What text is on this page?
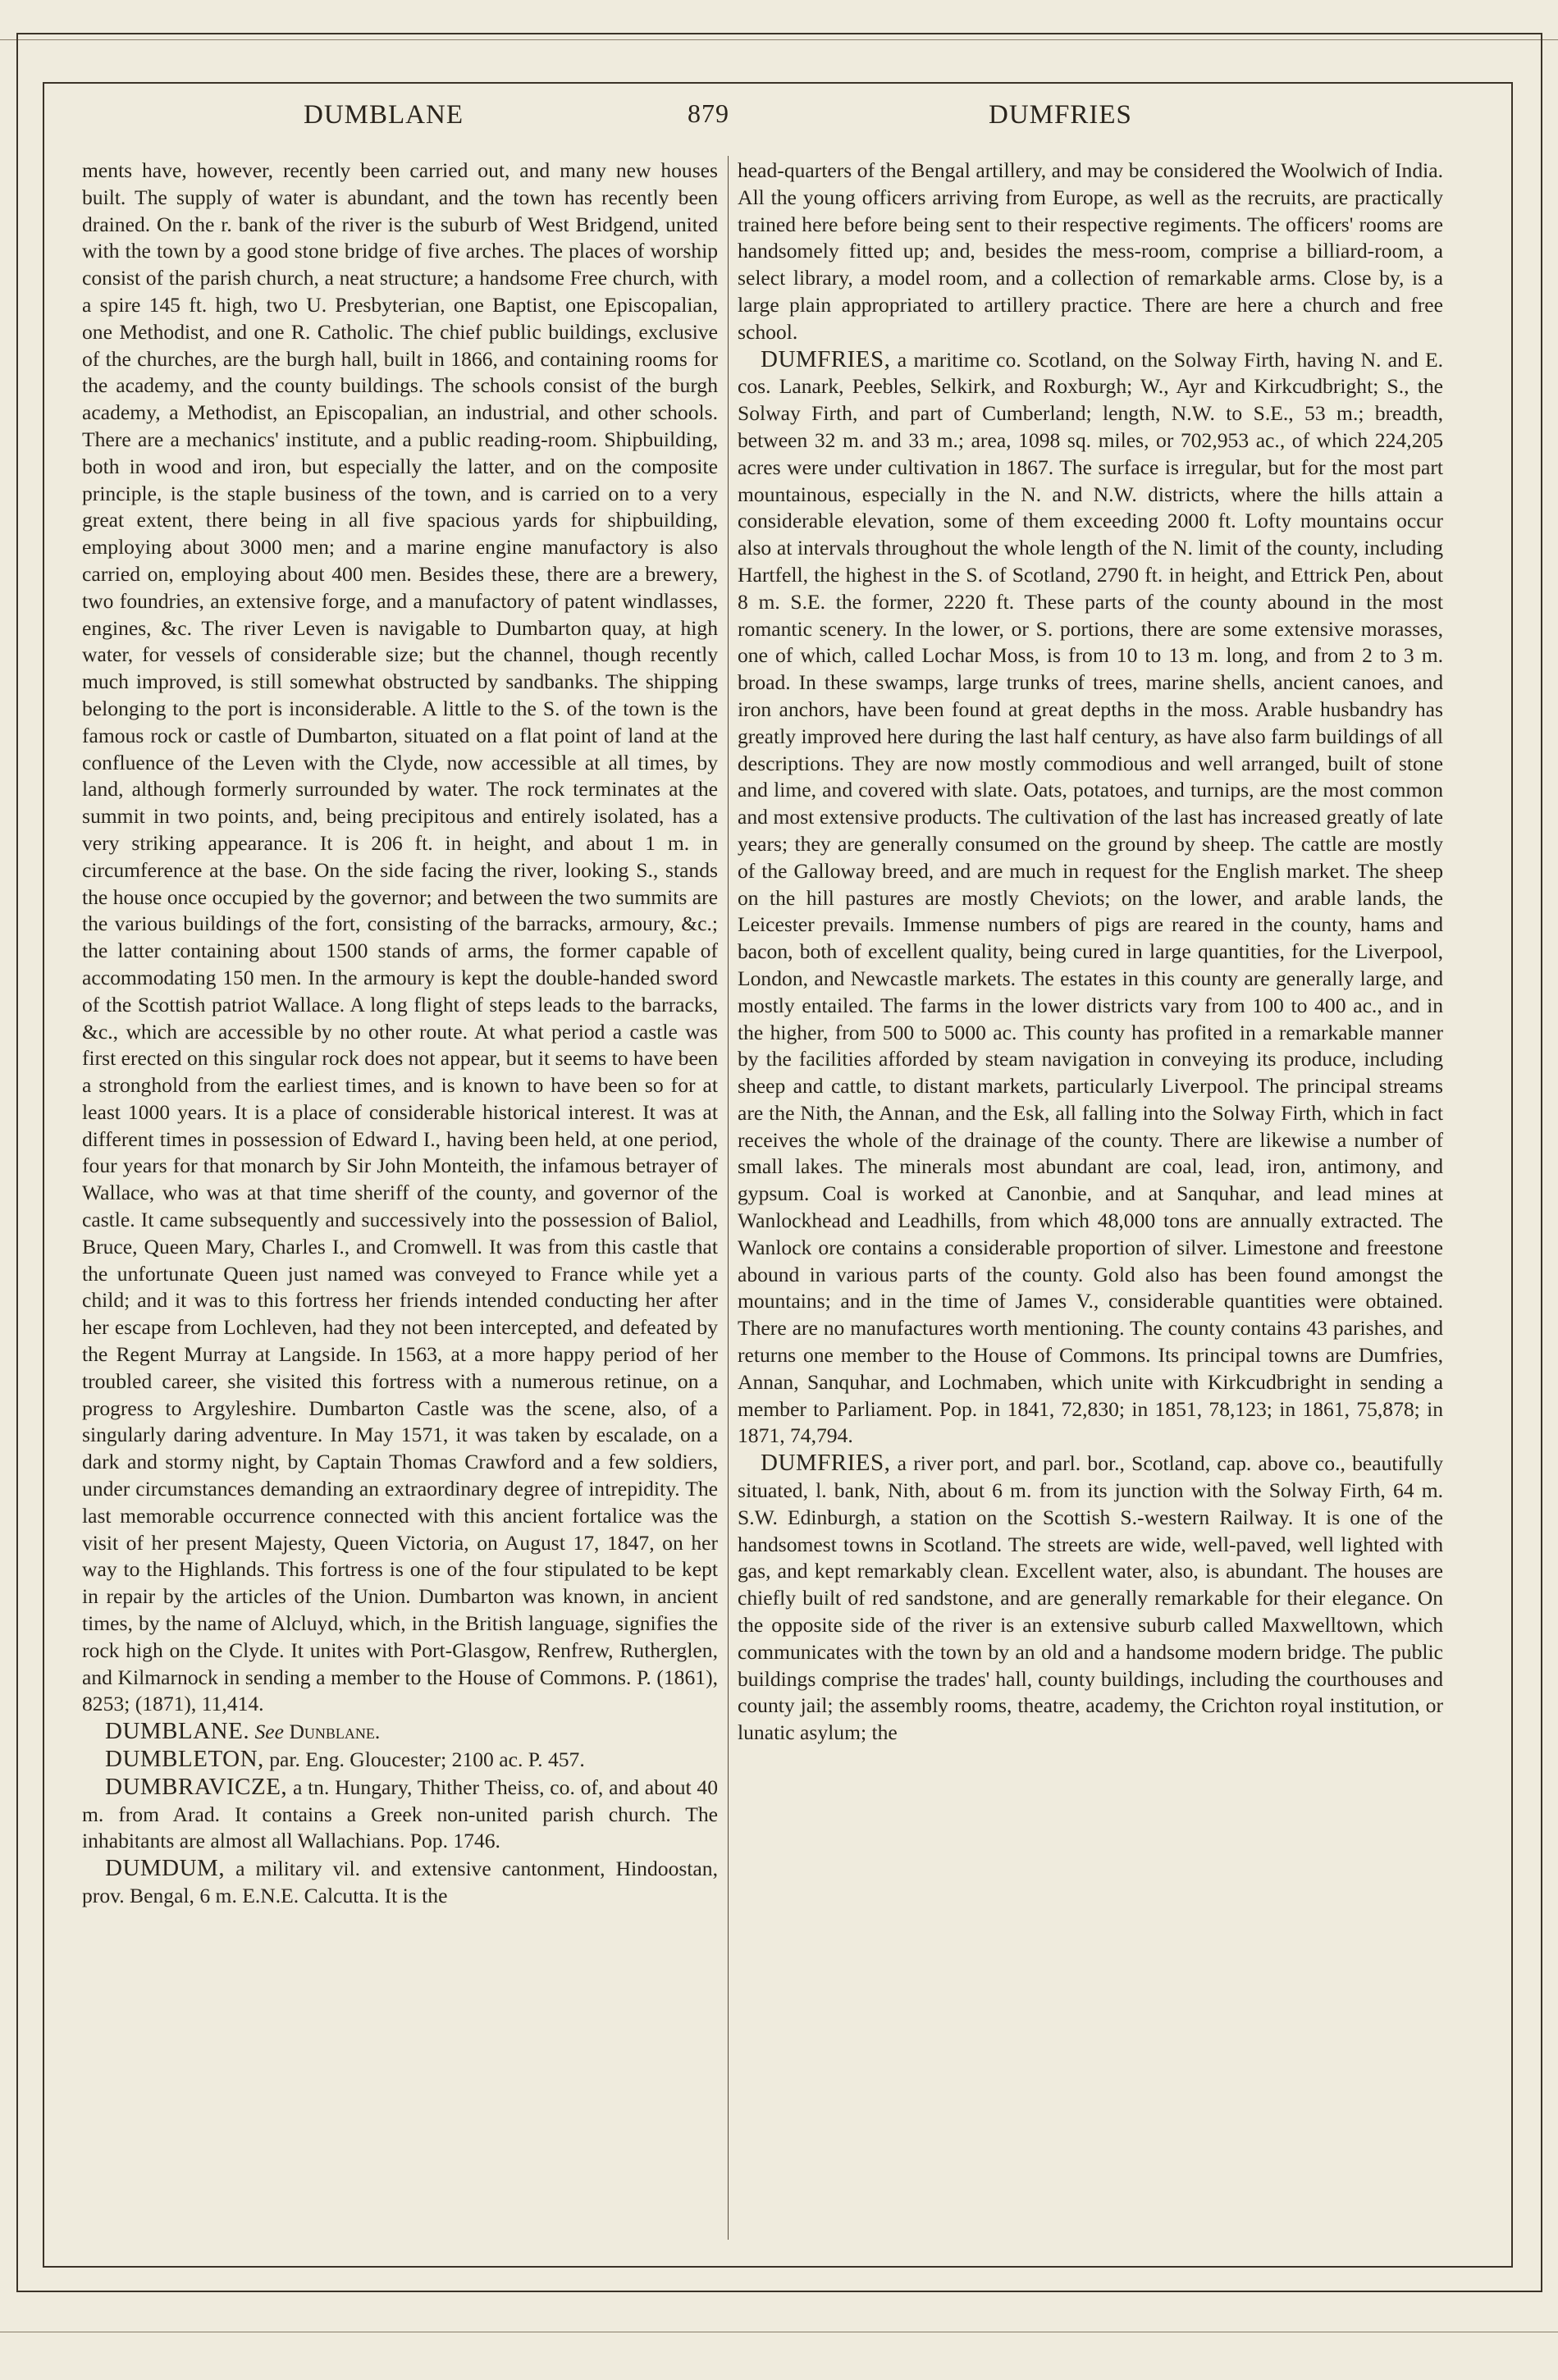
DUMBLANE	879	DUMFRIES

ments have, however, recently been carried out, and many new houses built. The supply of water is abundant, and the town has recently been drained. On the r. bank of the river is the suburb of West Bridgend, united with the town by a good stone bridge of five arches. The places of worship consist of the parish church, a neat structure; a handsome Free church, with a spire 145 ft. high, two U. Presbyterian, one Baptist, one Episcopalian, one Methodist, and one R. Catholic. The chief public buildings, exclusive of the churches, are the burgh hall, built in 1866, and containing rooms for the academy, and the county buildings. The schools consist of the burgh academy, a Methodist, an Episcopalian, an industrial, and other schools. There are a mechanics' institute, and a public reading-room. Shipbuilding, both in wood and iron, but especially the latter, and on the composite principle, is the staple business of the town, and is carried on to a very great extent, there being in all five spacious yards for shipbuilding, employing about 3000 men; and a marine engine manufactory is also carried on, employing about 400 men. Besides these, there are a brewery, two foundries, an extensive forge, and a manufactory of patent windlasses, engines, &c. The river Leven is navigable to Dumbarton quay, at high water, for vessels of considerable size; but the channel, though recently much improved, is still somewhat obstructed by sandbanks. The shipping belonging to the port is inconsiderable. A little to the S. of the town is the famous rock or castle of Dumbarton, situated on a flat point of land at the confluence of the Leven with the Clyde, now accessible at all times, by land, although formerly surrounded by water. The rock terminates at the summit in two points, and, being precipitous and entirely isolated, has a very striking appearance. It is 206 ft. in height, and about 1 m. in circumference at the base. On the side facing the river, looking S., stands the house once occupied by the governor; and between the two summits are the various buildings of the fort, consisting of the barracks, armoury, &c.; the latter containing about 1500 stands of arms, the former capable of accommodating 150 men. In the armoury is kept the double-handed sword of the Scottish patriot Wallace. A long flight of steps leads to the barracks, &c., which are accessible by no other route. At what period a castle was first erected on this singular rock does not appear, but it seems to have been a stronghold from the earliest times, and is known to have been so for at least 1000 years. It is a place of considerable historical interest. It was at different times in possession of Edward I., having been held, at one period, four years for that monarch by Sir John Monteith, the infamous betrayer of Wallace, who was at that time sheriff of the county, and governor of the castle. It came subsequently and successively into the possession of Baliol, Bruce, Queen Mary, Charles I., and Cromwell. It was from this castle that the unfortunate Queen just named was conveyed to France while yet a child; and it was to this fortress her friends intended conducting her after her escape from Lochleven, had they not been intercepted, and defeated by the Regent Murray at Langside. In 1563, at a more happy period of her troubled career, she visited this fortress with a numerous retinue, on a progress to Argyleshire. Dumbarton Castle was the scene, also, of a singularly daring adventure. In May 1571, it was taken by escalade, on a dark and stormy night, by Captain Thomas Crawford and a few soldiers, under circumstances demanding an extraordinary degree of intrepidity. The last memorable occurrence connected with this ancient fortalice was the visit of her present Majesty, Queen Victoria, on August 17, 1847, on her way to the Highlands. This fortress is one of the four stipulated to be kept in repair by the articles of the Union. Dumbarton was known, in ancient times, by the name of Alcluyd, which, in the British language, signifies the rock high on the Clyde. It unites with Port-Glasgow, Renfrew, Rutherglen, and Kilmarnock in sending a member to the House of Commons. P. (1861), 8253; (1871), 11,414.

DUMBLANE. See Dunblane.

DUMBLETON, par. Eng. Gloucester; 2100 ac. P. 457.

DUMBRAVICZE, a tn. Hungary, Thither Theiss, co. of, and about 40 m. from Arad. It contains a Greek non-united parish church. The inhabitants are almost all Wallachians. Pop. 1746.

DUMDUM, a military vil. and extensive cantonment, Hindoostan, prov. Bengal, 6 m. E.N.E. Calcutta. It is the

head-quarters of the Bengal artillery, and may be considered the Woolwich of India. All the young officers arriving from Europe, as well as the recruits, are practically trained here before being sent to their respective regiments. The officers' rooms are handsomely fitted up; and, besides the mess-room, comprise a billiard-room, a select library, a model room, and a collection of remarkable arms. Close by, is a large plain appropriated to artillery practice. There are here a church and free school.

DUMFRIES, a maritime co. Scotland, on the Solway Firth, having N. and E. cos. Lanark, Peebles, Selkirk, and Roxburgh; W., Ayr and Kirkcudbright; S., the Solway Firth, and part of Cumberland; length, N.W. to S.E., 53 m.; breadth, between 32 m. and 33 m.; area, 1098 sq. miles, or 702,953 ac., of which 224,205 acres were under cultivation in 1867. The surface is irregular, but for the most part mountainous, especially in the N. and N.W. districts, where the hills attain a considerable elevation, some of them exceeding 2000 ft. Lofty mountains occur also at intervals throughout the whole length of the N. limit of the county, including Hartfell, the highest in the S. of Scotland, 2790 ft. in height, and Ettrick Pen, about 8 m. S.E. the former, 2220 ft. These parts of the county abound in the most romantic scenery. In the lower, or S. portions, there are some extensive morasses, one of which, called Lochar Moss, is from 10 to 13 m. long, and from 2 to 3 m. broad. In these swamps, large trunks of trees, marine shells, ancient canoes, and iron anchors, have been found at great depths in the moss. Arable husbandry has greatly improved here during the last half century, as have also farm buildings of all descriptions. They are now mostly commodious and well arranged, built of stone and lime, and covered with slate. Oats, potatoes, and turnips, are the most common and most extensive products. The cultivation of the last has increased greatly of late years; they are generally consumed on the ground by sheep. The cattle are mostly of the Galloway breed, and are much in request for the English market. The sheep on the hill pastures are mostly Cheviots; on the lower, and arable lands, the Leicester prevails. Immense numbers of pigs are reared in the county, hams and bacon, both of excellent quality, being cured in large quantities, for the Liverpool, London, and Newcastle markets. The estates in this county are generally large, and mostly entailed. The farms in the lower districts vary from 100 to 400 ac., and in the higher, from 500 to 5000 ac. This county has profited in a remarkable manner by the facilities afforded by steam navigation in conveying its produce, including sheep and cattle, to distant markets, particularly Liverpool. The principal streams are the Nith, the Annan, and the Esk, all falling into the Solway Firth, which in fact receives the whole of the drainage of the county. There are likewise a number of small lakes. The minerals most abundant are coal, lead, iron, antimony, and gypsum. Coal is worked at Canonbie, and at Sanquhar, and lead mines at Wanlockhead and Leadhills, from which 48,000 tons are annually extracted. The Wanlock ore contains a considerable proportion of silver. Limestone and freestone abound in various parts of the county. Gold also has been found amongst the mountains; and in the time of James V., considerable quantities were obtained. There are no manufactures worth mentioning. The county contains 43 parishes, and returns one member to the House of Commons. Its principal towns are Dumfries, Annan, Sanquhar, and Lochmaben, which unite with Kirkcudbright in sending a member to Parliament. Pop. in 1841, 72,830; in 1851, 78,123; in 1861, 75,878; in 1871, 74,794.

DUMFRIES, a river port, and parl. bor., Scotland, cap. above co., beautifully situated, l. bank, Nith, about 6 m. from its junction with the Solway Firth, 64 m. S.W. Edinburgh, a station on the Scottish S.-western Railway. It is one of the handsomest towns in Scotland. The streets are wide, well-paved, well lighted with gas, and kept remarkably clean. Excellent water, also, is abundant. The houses are chiefly built of red sandstone, and are generally remarkable for their elegance. On the opposite side of the river is an extensive suburb called Maxwelltown, which communicates with the town by an old and a handsome modern bridge. The public buildings comprise the trades' hall, county buildings, including the courthouses and county jail; the assembly rooms, theatre, academy, the Crichton royal institution, or lunatic asylum; the
